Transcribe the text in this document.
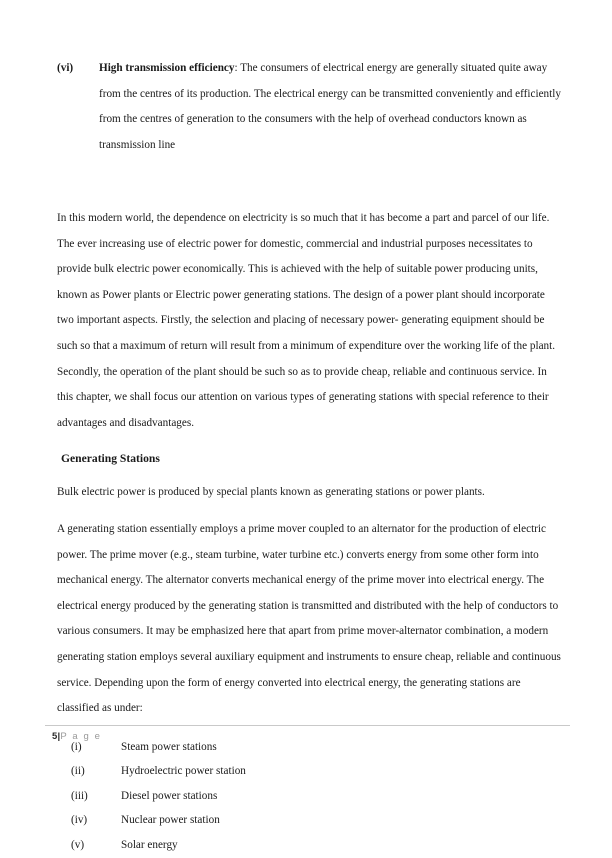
(vi) High transmission efficiency: The consumers of electrical energy are generally situated quite away from the centres of its production. The electrical energy can be transmitted conveniently and efficiently from the centres of generation to the consumers with the help of overhead conductors known as transmission line

In this modern world, the dependence on electricity is so much that it has become a part and parcel of our life. The ever increasing use of electric power for domestic, commercial and industrial purposes necessitates to provide bulk electric power economically. This is achieved with the help of suitable power producing units, known as Power plants or Electric power generating stations. The design of a power plant should incorporate two important aspects. Firstly, the selection and placing of necessary power- generating equipment should be such so that a maximum of return will result from a minimum of expenditure over the working life of the plant. Secondly, the operation of the plant should be such so as to provide cheap, reliable and continuous service. In this chapter, we shall focus our attention on various types of generating stations with special reference to their advantages and disadvantages.

Generating Stations

Bulk electric power is produced by special plants known as generating stations or power plants.

A generating station essentially employs a prime mover coupled to an alternator for the production of electric power. The prime mover (e.g., steam turbine, water turbine etc.) converts energy from some other form into mechanical energy. The alternator converts mechanical energy of the prime mover into electrical energy. The electrical energy produced by the generating station is transmitted and distributed with the help of conductors to various consumers. It may be emphasized here that apart from prime mover-alternator combination, a modern generating station employs several auxiliary equipment and instruments to ensure cheap, reliable and continuous service. Depending upon the form of energy converted into electrical energy, the generating stations are classified as under:

(i)	Steam power stations
(ii)	Hydroelectric power station
(iii)	Diesel power stations
(iv)	Nuclear power station
(v)	Solar energy
5|P a g e
